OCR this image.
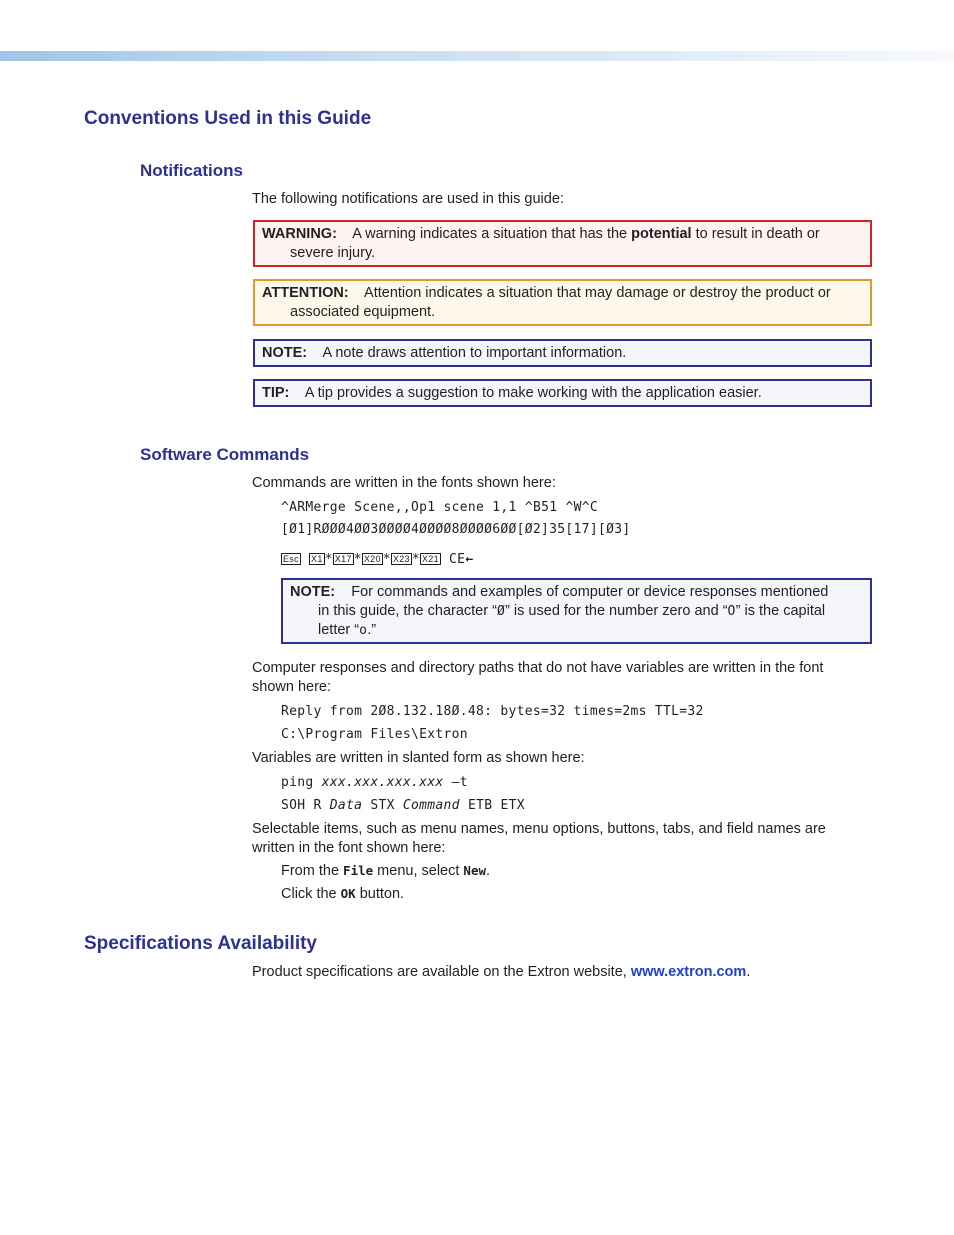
Conventions Used in this Guide
Notifications

The following notifications are used in this guide:

WARNING: A warning indicates a situation that has the potential to result in death or
severe injury.
ATTENTION: Attention indicates a situation that may damage or destroy the product or
associated equipment.
NOTE: A note draws attention to important information.
TIP: A tip provides a suggestion to make working with the application easier.
Software Commands

Commands are written in the fonts shown here:

^ARMerge Scene,,Op1 scene 1,1 ^B51 ^W^C
[Ø1]RØØØ4ØØ3ØØØØ4ØØØØ8ØØØØ6ØØ[Ø2]35[17][Ø3]
Esc X1 * X17 * X20 * X23 * X21 CE←
NOTE: For commands and examples of computer or device responses mentioned
in this guide, the character “Ø” is used for the number zero and “O” is the capital
letter “o.”

Computer responses and directory paths that do not have variables are written in the font
shown here:

Reply from 2Ø8.132.18Ø.48: bytes=32 times=2ms TTL=32
C:\Program Files\Extron

Variables are written in slanted form as shown here:

ping xxx.xxx.xxx.xxx —t
SOH R Data STX Command ETB ETX

Selectable items, such as menu names, menu options, buttons, tabs, and field names are
written in the font shown here:

From the File menu, select New.
Click the OK button.
Specifications Availability

Product specifications are available on the Extron website, www.extron.com.
